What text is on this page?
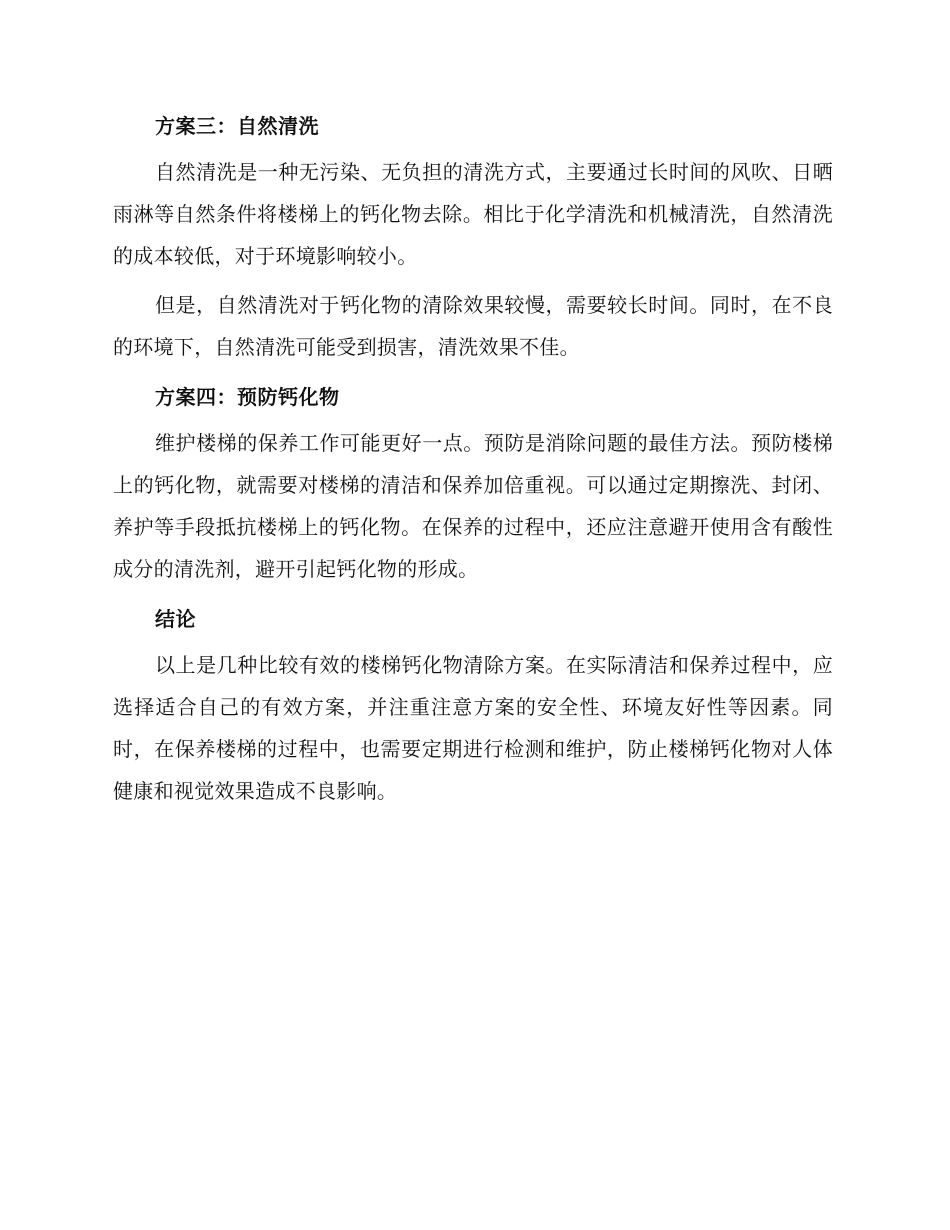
方案三：自然清洗

自然清洗是一种无污染、无负担的清洗方式，主要通过长时间的风吹、日晒雨淋等自然条件将楼梯上的钙化物去除。相比于化学清洗和机械清洗，自然清洗的成本较低，对于环境影响较小。

但是，自然清洗对于钙化物的清除效果较慢，需要较长时间。同时，在不良的环境下，自然清洗可能受到损害，清洗效果不佳。

方案四：预防钙化物

维护楼梯的保养工作可能更好一点。预防是消除问题的最佳方法。预防楼梯上的钙化物，就需要对楼梯的清洁和保养加倍重视。可以通过定期擦洗、封闭、养护等手段抵抗楼梯上的钙化物。在保养的过程中，还应注意避开使用含有酸性成分的清洗剂，避开引起钙化物的形成。

结论

以上是几种比较有效的楼梯钙化物清除方案。在实际清洁和保养过程中，应选择适合自己的有效方案，并注重注意方案的安全性、环境友好性等因素。同时，在保养楼梯的过程中，也需要定期进行检测和维护，防止楼梯钙化物对人体健康和视觉效果造成不良影响。
